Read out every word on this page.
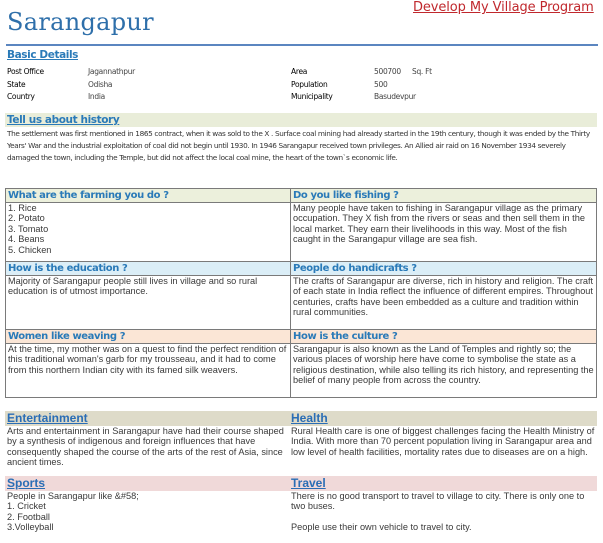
Develop My Village Program
Sarangapur
Basic Details
Post Office	Jagannathpur	Area	500700 Sq. Ft
State	Odisha	Population	500
Country	India	Municipality	Basudevpur
Tell us about history
The settlement was first mentioned in 1865 contract, when it was sold to the X . Surface coal mining had already started in the 19th century, though it was ended by the Thirty Years' War and the industrial exploitation of coal did not begin until 1930. In 1946 Sarangapur received town privileges. An Allied air raid on 16 November 1934 severely damaged the town, including the Temple, but did not affect the local coal mine, the heart of the town`s economic life.
What are the farming you do ?
1. Rice
2. Potato
3. Tomato
4. Beans
5. Chicken
Do you like fishing ?
Many people have taken to fishing in Sarangapur village as the primary occupation. They X fish from the rivers or seas and then sell them in the local market. They earn their livelihoods in this way. Most of the fish caught in the Sarangapur village are sea fish.
How is the education ?
Majority of Sarangapur people still lives in village and so rural education is of utmost importance.
People do handicrafts ?
The crafts of Sarangapur are diverse, rich in history and religion. The craft of each state in India reflect the influence of different empires. Throughout centuries, crafts have been embedded as a culture and tradition within rural communities.
Women like weaving ?
At the time, my mother was on a quest to find the perfect rendition of this traditional woman's garb for my trousseau, and it had to come from this northern Indian city with its famed silk weavers.
How is the culture ?
Sarangapur is also known as the Land of Temples and rightly so; the various places of worship here have come to symbolise the state as a religious destination, while also telling its rich history, and representing the belief of many people from across the country.
Entertainment
Arts and entertainment in Sarangapur have had their course shaped by a synthesis of indigenous and foreign influences that have consequently shaped the course of the arts of the rest of Asia, since ancient times.
Health
Rural Health care is one of biggest challenges facing the Health Ministry of India. With more than 70 percent population living in Sarangapur area and low level of health facilities, mortality rates due to diseases are on a high.
Sports
People in Sarangapur like &#58;
1. Cricket
2. Football
3.Volleyball
Travel
There is no good transport to travel to village to city. There is only one to two buses.
People use their own vehicle to travel to city.
